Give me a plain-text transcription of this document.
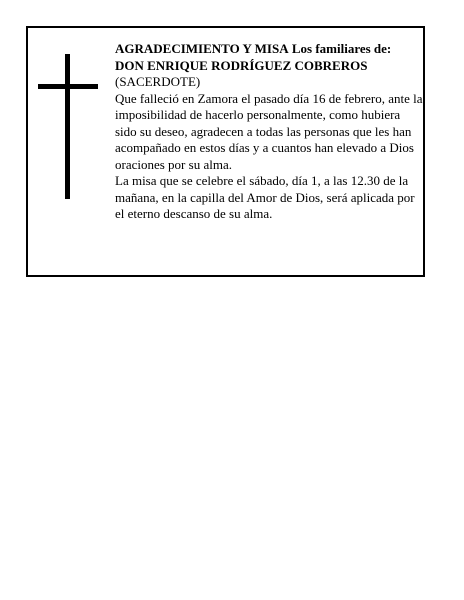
AGRADECIMIENTO Y MISA Los familiares de:

DON ENRIQUE RODRÍGUEZ COBREROS

(SACERDOTE)

Que falleció en Zamora el pasado día 16 de febrero, ante la imposibilidad de hacerlo personalmente, como hubiera sido su deseo, agradecen a todas las personas que les han acompañado en estos días y a cuantos han elevado a Dios oraciones por su alma.

La misa que se celebre el sábado, día 1, a las 12.30 de la mañana, en la capilla del Amor de Dios, será aplicada por el eterno descanso de su alma.
